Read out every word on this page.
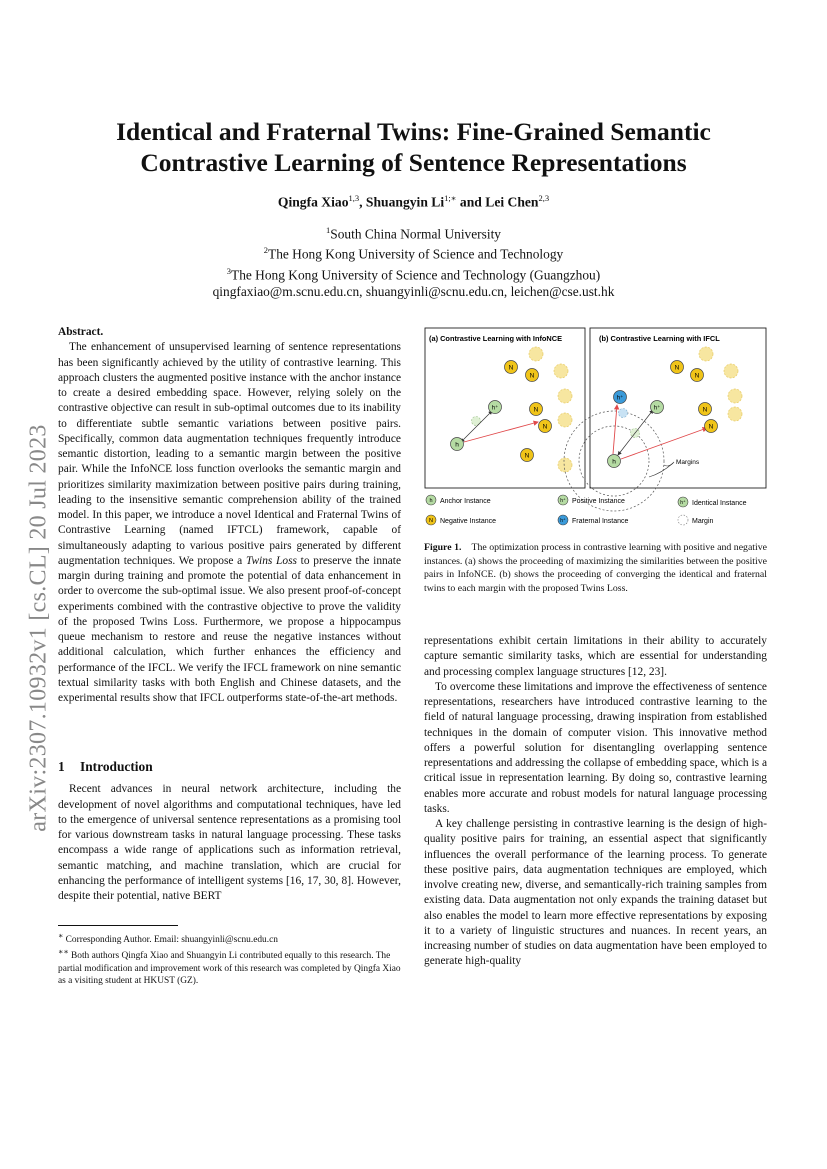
Identical and Fraternal Twins: Fine-Grained Semantic
Contrastive Learning of Sentence Representations
Qingfa Xiao$^{1,3}$, Shuangyin $Li^{1;∗}$ and Lei Chen$^{2,3}$
$^1$South China Normal University
$^2$The Hong Kong University of Science and Technology
$^3$The Hong Kong University of Science and Technology (Guangzhou)
qingfaxiao@m.scnu.edu.cn, shuangyinli@scnu.edu.cn, leichen@cse.ust.hk
arXiv:2307.10932v1 [cs.CL] 20 Jul 2023

Abstract.

The enhancement of unsupervised learning of sentence representations has been significantly achieved by the utility of contrastive learning. This approach clusters the augmented positive instance with the anchor instance to create a desired embedding space. However, relying solely on the contrastive objective can result in sub-optimal outcomes due to its inability to differentiate subtle semantic variations between positive pairs. Specifically, common data augmentation techniques frequently introduce semantic distortion, leading to a semantic margin between the positive pair. While the InfoNCE loss function overlooks the semantic margin and prioritizes similarity maximization between positive pairs during training, leading to the insensitive semantic comprehension ability of the trained model. In this paper, we introduce a novel Identical and Fraternal Twins of Contrastive Learning (named IFTCL) framework, capable of simultaneously adapting to various positive pairs generated by different augmentation techniques. We propose a Twins Loss to preserve the innate margin during training and promote the potential of data enhancement in order to overcome the sub-optimal issue. We also present proof-of-concept experiments combined with the contrastive objective to prove the validity of the proposed Twins Loss. Furthermore, we propose a hippocampus queue mechanism to restore and reuse the negative instances without additional calculation, which further enhances the efficiency and performance of the IFCL. We verify the IFCL framework on nine semantic textual similarity tasks with both English and Chinese datasets, and the experimental results show that IFCL outperforms state-of-the-art methods.

1 Introduction

Recent advances in neural network architecture, including the development of novel algorithms and computational techniques, have led to the emergence of universal sentence representations as a promising tool for various downstream tasks in natural language processing. These tasks encompass a wide range of applications such as information retrieval, semantic matching, and machine translation, which are crucial for enhancing the performance of intelligent systems [16, 17, 30, 8]. However, despite their potential, native BERT

∗ Corresponding Author. Email: shuangyinli@scnu.edu.cn
∗∗ Both authors Qingfa Xiao and Shuangyin Li contributed equally to this research. The partial modification and improvement work of this research was completed by Qingfa Xiao as a visiting student at HKUST (GZ).
(a) Contrastive Learning with InfoNCE
N
N
N
N
N
h⁺
h
(b) Contrastive Learning with IFCL
Margins
N
N
N
N
h⁺
h⁺
h
h Anchor Instance	h⁺ Positive Instance	h⁺ Identical Instance
N Negative Instance	h⁺ Fraternal Instance	Margin
Figure 1. The optimization process in contrastive learning with positive and negative instances. (a) shows the proceeding of maximizing the similarities between the positive pairs in InfoNCE. (b) shows the proceeding of converging the identical and fraternal twins to each margin with the proposed Twins Loss.

representations exhibit certain limitations in their ability to accurately capture semantic similarity tasks, which are essential for understanding and processing complex language structures [12, 23].

To overcome these limitations and improve the effectiveness of sentence representations, researchers have introduced contrastive learning to the field of natural language processing, drawing inspiration from established techniques in the domain of computer vision. This innovative method offers a powerful solution for disentangling overlapping sentence representations and addressing the collapse of embedding space, which is a critical issue in representation learning. By doing so, contrastive learning enables more accurate and robust models for natural language processing tasks.

A key challenge persisting in contrastive learning is the design of high-quality positive pairs for training, an essential aspect that significantly influences the overall performance of the learning process. To generate these positive pairs, data augmentation techniques are employed, which involve creating new, diverse, and semantically-rich training samples from existing data. Data augmentation not only expands the training dataset but also enables the model to learn more effective representations by exposing it to a variety of linguistic structures and nuances. In recent years, an increasing number of studies on data augmentation have been employed to generate high-quality
